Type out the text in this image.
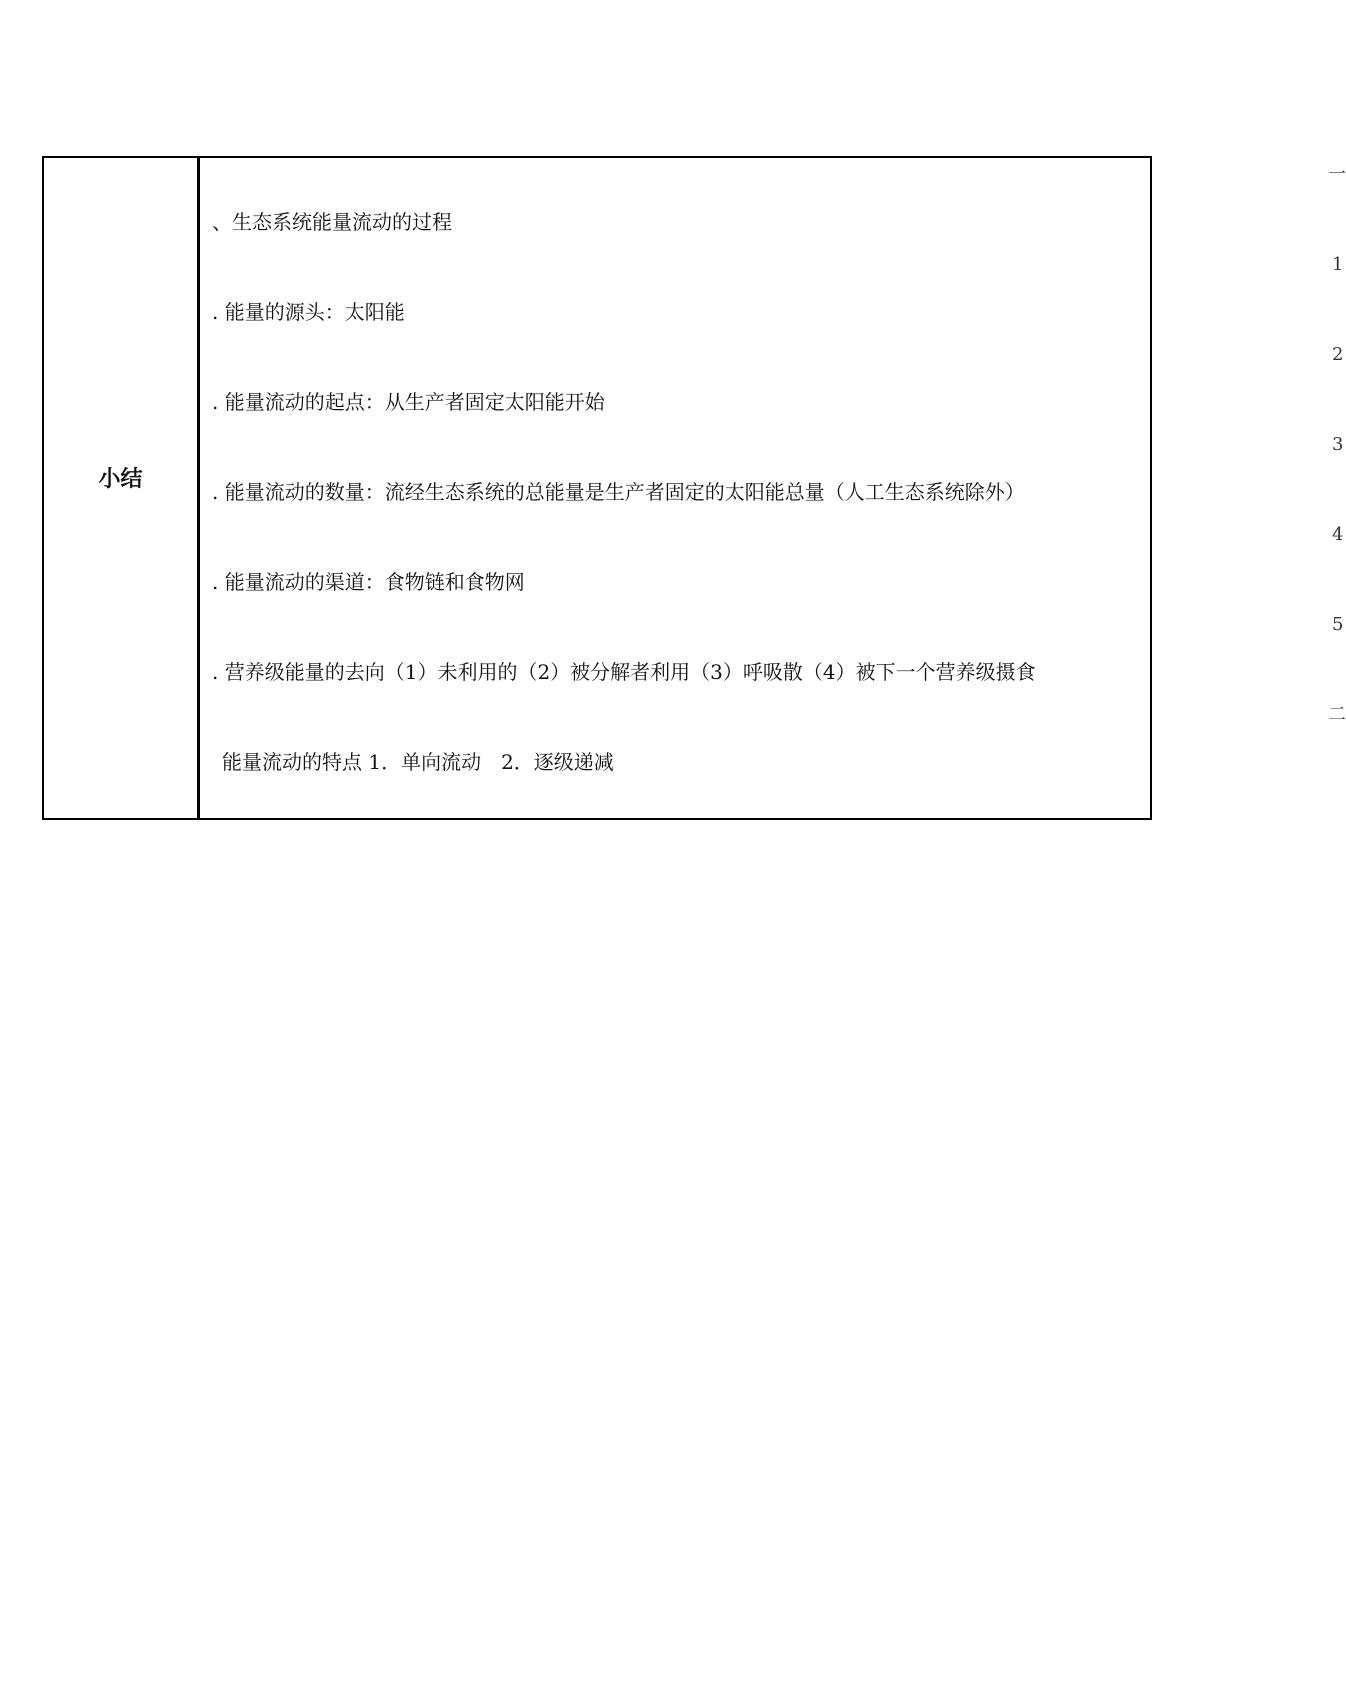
小结
、生态系统能量流动的过程
. 能量的源头：太阳能
. 能量流动的起点：从生产者固定太阳能开始
. 能量流动的数量：流经生态系统的总能量是生产者固定的太阳能总量（人工生态系统除外）
. 能量流动的渠道：食物链和食物网
. 营养级能量的去向（1）未利用的（2）被分解者利用（3）呼吸散（4）被下一个营养级摄食
能量流动的特点 1．单向流动　2．逐级递减
一
1
2
3
4
5
二
